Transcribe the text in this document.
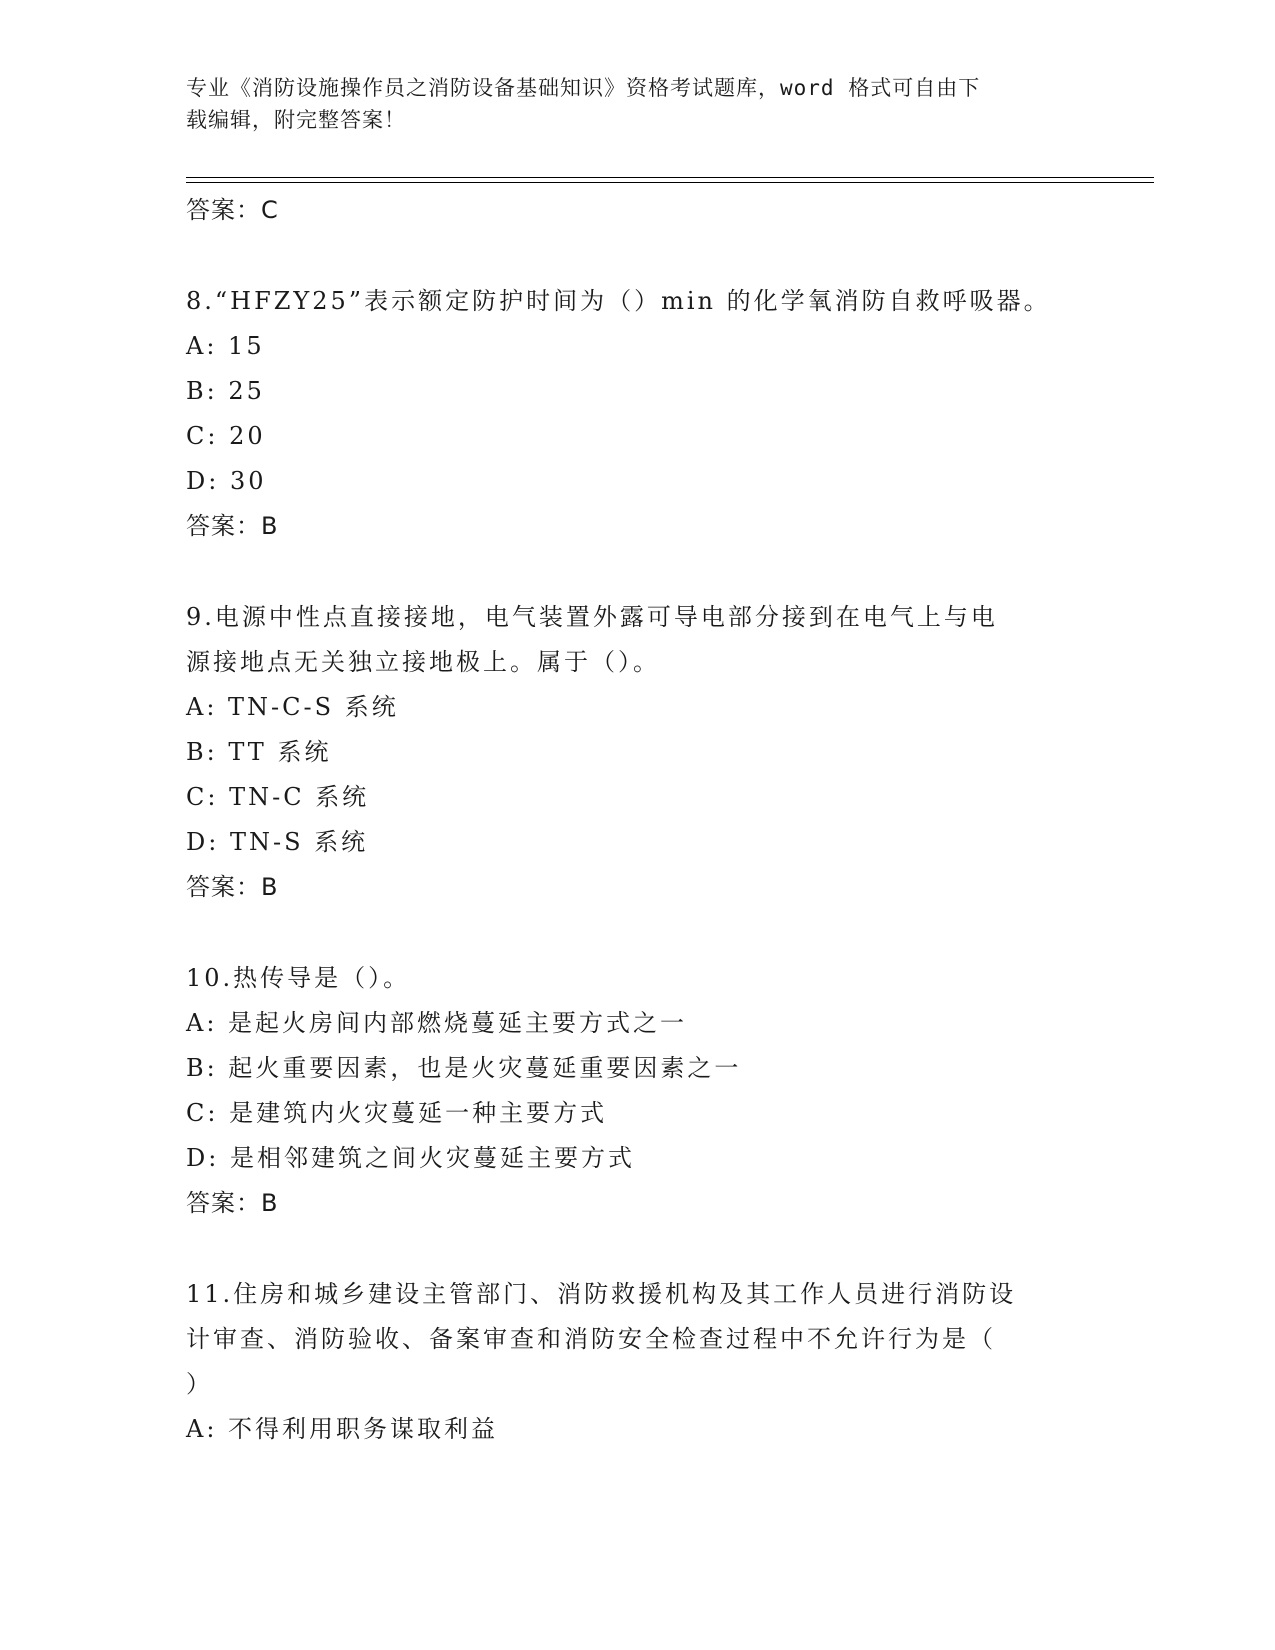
专业《消防设施操作员之消防设备基础知识》资格考试题库，word 格式可自由下
载编辑，附完整答案！
答案：C
8.“HFZY25”表示额定防护时间为（）min 的化学氧消防自救呼吸器。
A: 15
B: 25
C: 20
D: 30
答案：B
9.电源中性点直接接地，电气装置外露可导电部分接到在电气上与电
源接地点无关独立接地极上。属于（）。
A: TN-C-S 系统
B: TT 系统
C: TN-C 系统
D: TN-S 系统
答案：B
10.热传导是（）。
A: 是起火房间内部燃烧蔓延主要方式之一
B: 起火重要因素，也是火灾蔓延重要因素之一
C: 是建筑内火灾蔓延一种主要方式
D: 是相邻建筑之间火灾蔓延主要方式
答案：B
11.住房和城乡建设主管部门、消防救援机构及其工作人员进行消防设
计审查、消防验收、备案审查和消防安全检查过程中不允许行为是（
）
A: 不得利用职务谋取利益
